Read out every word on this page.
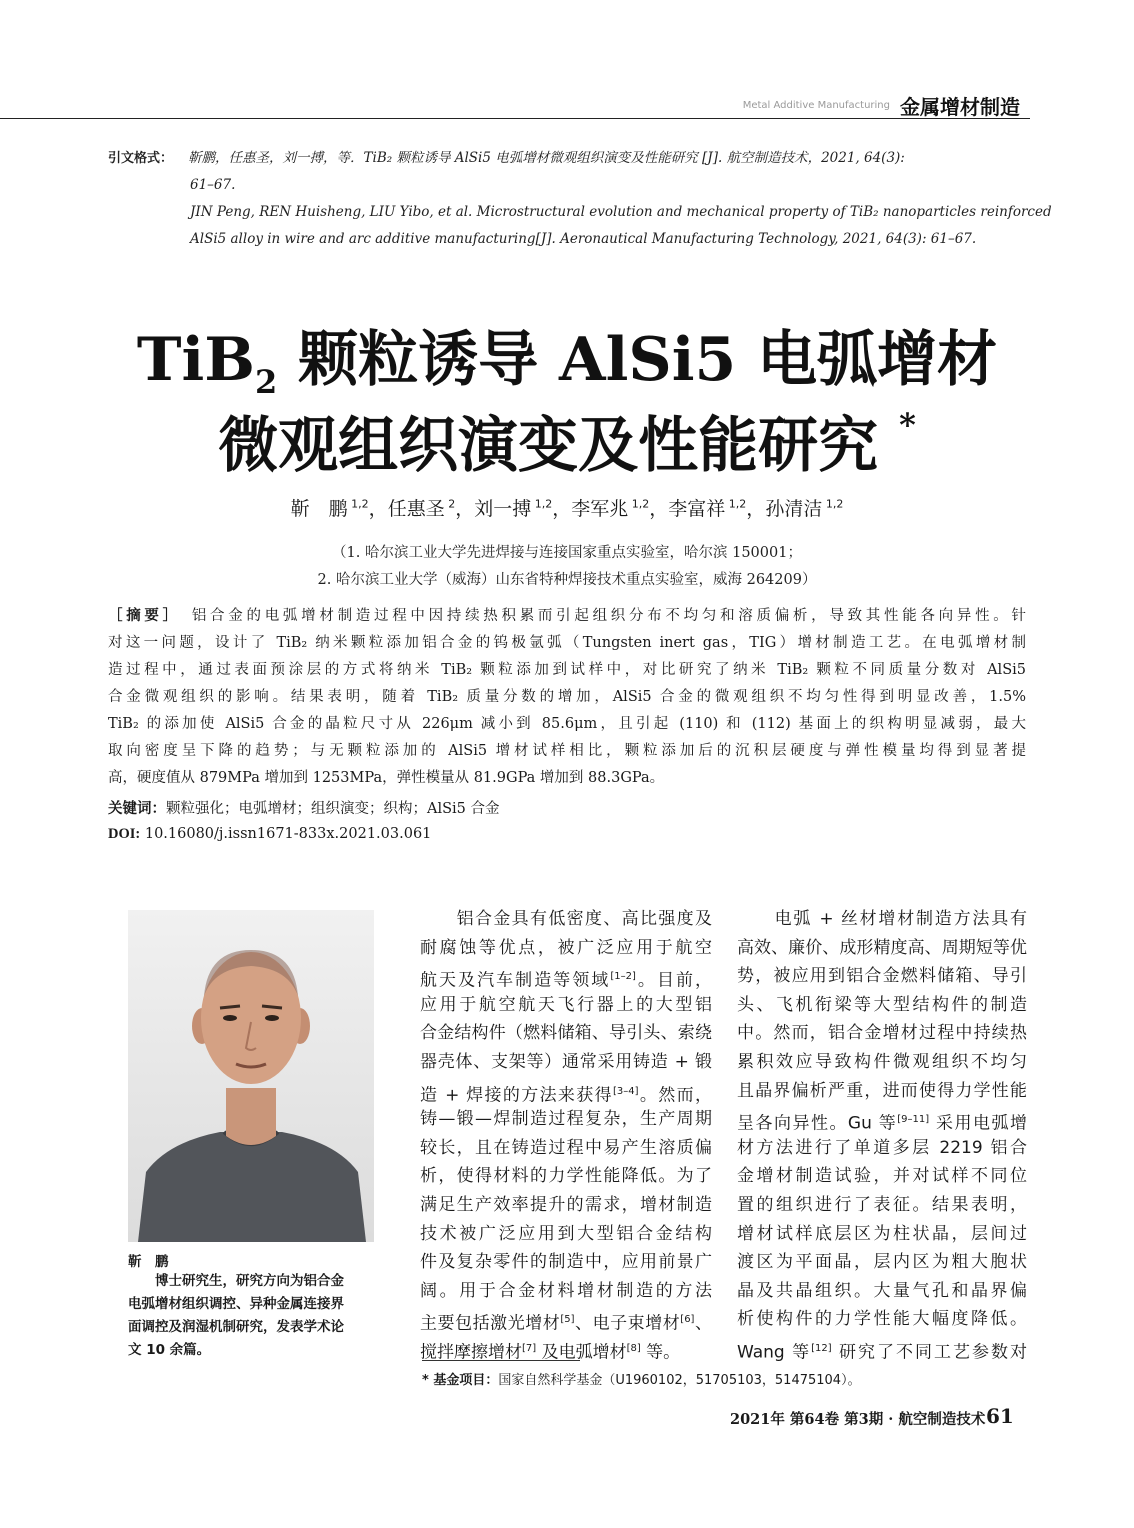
Metal Additive Manufacturing 金属增材制造
引文格式： 靳鹏，任惠圣，刘一搏，等．TiB₂ 颗粒诱导 AlSi5 电弧增材微观组织演变及性能研究 [J]. 航空制造技术，2021, 64(3):
61–67.
JIN Peng, REN Huisheng, LIU Yibo, et al. Microstructural evolution and mechanical property of TiB₂ nanoparticles reinforced
AlSi5 alloy in wire and arc additive manufacturing[J]. Aeronautical Manufacturing Technology, 2021, 64(3): 61–67.
TiB$_2$ 颗粒诱导 AlSi5 电弧增材
微观组织演变及性能研究 *
靳　鹏 $^{1,2}$，任惠圣 $^2$，刘一搏 $^{1,2}$，李军兆 $^{1,2}$，李富祥 $^{1,2}$，孙清洁 $^{1,2}$
（1. 哈尔滨工业大学先进焊接与连接国家重点实验室，哈尔滨 150001；
2. 哈尔滨工业大学（威海）山东省特种焊接技术重点实验室，威海 264209）
［摘要］　 铝合金的电弧增材制造过程中因持续热积累而引起组织分布不均匀和溶质偏析，导致其性能各向异性。针
对这一问题，设计了 TiB₂ 纳米颗粒添加铝合金的钨极氩弧（Tungsten inert gas，TIG）增材制造工艺。在电弧增材制
造过程中，通过表面预涂层的方式将纳米 TiB₂ 颗粒添加到试样中，对比研究了纳米 TiB₂ 颗粒不同质量分数对 AlSi5
合金微观组织的影响。结果表明，随着 TiB₂ 质量分数的增加，AlSi5 合金的微观组织不均匀性得到明显改善，1.5%
TiB₂ 的添加使 AlSi5 合金的晶粒尺寸从 226μm 减小到 85.6μm，且引起 (110) 和 (112) 基面上的织构明显减弱，最大
取向密度呈下降的趋势；与无颗粒添加的 AlSi5 增材试样相比，颗粒添加后的沉积层硬度与弹性模量均得到显著提
高，硬度值从 879MPa 增加到 1253MPa，弹性模量从 81.9GPa 增加到 88.3GPa。
关键词：颗粒强化；电弧增材；组织演变；织构；AlSi5 合金
DOI: 10.16080/j.issn1671-833x.2021.03.061
靳　鹏
　　博士研究生，研究方向为铝合金
电弧增材组织调控、异种金属连接界
面调控及润湿机制研究，发表学术论
文 10 余篇。
　　铝合金具有低密度、高比强度及
耐腐蚀等优点，被广泛应用于航空
航天及汽车制造等领域[1–2]。目前，
应用于航空航天飞行器上的大型铝
合金结构件（燃料储箱、导引头、索绕
器壳体、支架等）通常采用铸造 + 锻
造 + 焊接的方法来获得[3–4]。然而，
铸—锻—焊制造过程复杂，生产周期
较长，且在铸造过程中易产生溶质偏
析，使得材料的力学性能降低。为了
满足生产效率提升的需求，增材制造
技术被广泛应用到大型铝合金结构
件及复杂零件的制造中，应用前景广
阔。用于合金材料增材制造的方法
主要包括激光增材[5]、电子束增材[6]、
搅拌摩擦增材[7] 及电弧增材[8] 等。
　　电弧 + 丝材增材制造方法具有
高效、廉价、成形精度高、周期短等优
势，被应用到铝合金燃料储箱、导引
头、飞机衔梁等大型结构件的制造
中。然而，铝合金增材过程中持续热
累积效应导致构件微观组织不均匀
且晶界偏析严重，进而使得力学性能
呈各向异性。Gu 等[9–11] 采用电弧增
材方法进行了单道多层 2219 铝合
金增材制造试验，并对试样不同位
置的组织进行了表征。结果表明，
增材试样底层区为柱状晶，层间过
渡区为平面晶，层内区为粗大胞状
晶及共晶组织。大量气孔和晶界偏
析使构件的力学性能大幅度降低。
Wang 等[12] 研究了不同工艺参数对
* 基金项目：国家自然科学基金（U1960102，51705103，51475104）。
2021年 第64卷 第3期 · 航空制造技术 61
